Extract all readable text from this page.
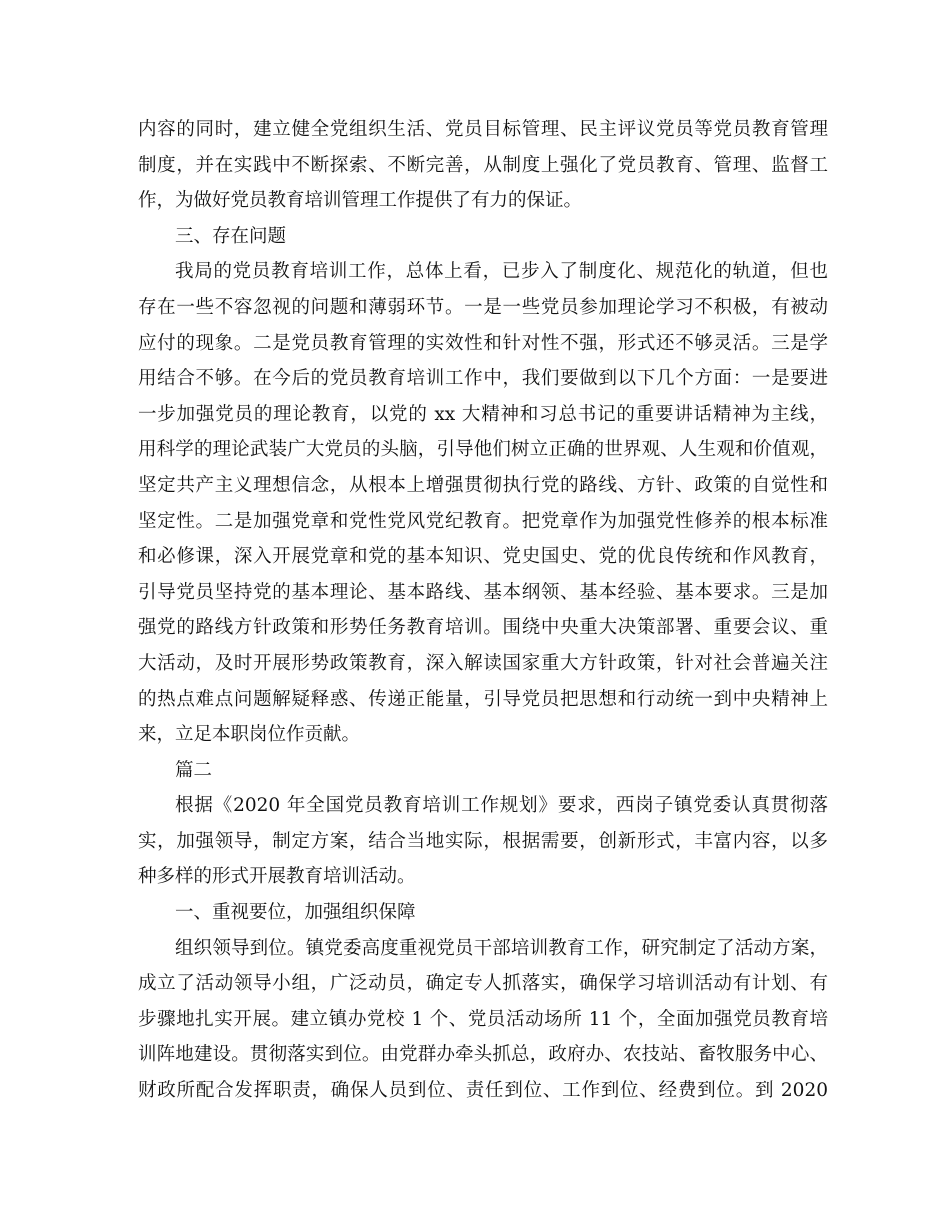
内容的同时，建立健全党组织生活、党员目标管理、民主评议党员等党员教育管理
制度，并在实践中不断探索、不断完善，从制度上强化了党员教育、管理、监督工
作，为做好党员教育培训管理工作提供了有力的保证。
三、存在问题
我局的党员教育培训工作，总体上看，已步入了制度化、规范化的轨道，但也
存在一些不容忽视的问题和薄弱环节。一是一些党员参加理论学习不积极，有被动
应付的现象。二是党员教育管理的实效性和针对性不强，形式还不够灵活。三是学
用结合不够。在今后的党员教育培训工作中，我们要做到以下几个方面：一是要进
一步加强党员的理论教育，以党的 xx 大精神和习总书记的重要讲话精神为主线，
用科学的理论武装广大党员的头脑，引导他们树立正确的世界观、人生观和价值观，
坚定共产主义理想信念，从根本上增强贯彻执行党的路线、方针、政策的自觉性和
坚定性。二是加强党章和党性党风党纪教育。把党章作为加强党性修养的根本标准
和必修课，深入开展党章和党的基本知识、党史国史、党的优良传统和作风教育，
引导党员坚持党的基本理论、基本路线、基本纲领、基本经验、基本要求。三是加
强党的路线方针政策和形势任务教育培训。围绕中央重大决策部署、重要会议、重
大活动，及时开展形势政策教育，深入解读国家重大方针政策，针对社会普遍关注
的热点难点问题解疑释惑、传递正能量，引导党员把思想和行动统一到中央精神上
来，立足本职岗位作贡献。
篇二
根据《2020 年全国党员教育培训工作规划》要求，西岗子镇党委认真贯彻落
实，加强领导，制定方案，结合当地实际，根据需要，创新形式，丰富内容，以多
种多样的形式开展教育培训活动。
一、重视要位，加强组织保障
组织领导到位。镇党委高度重视党员干部培训教育工作，研究制定了活动方案，
成立了活动领导小组，广泛动员，确定专人抓落实，确保学习培训活动有计划、有
步骤地扎实开展。建立镇办党校 1 个、党员活动场所 11 个，全面加强党员教育培
训阵地建设。贯彻落实到位。由党群办牵头抓总，政府办、农技站、畜牧服务中心、
财政所配合发挥职责，确保人员到位、责任到位、工作到位、经费到位。到 2020
